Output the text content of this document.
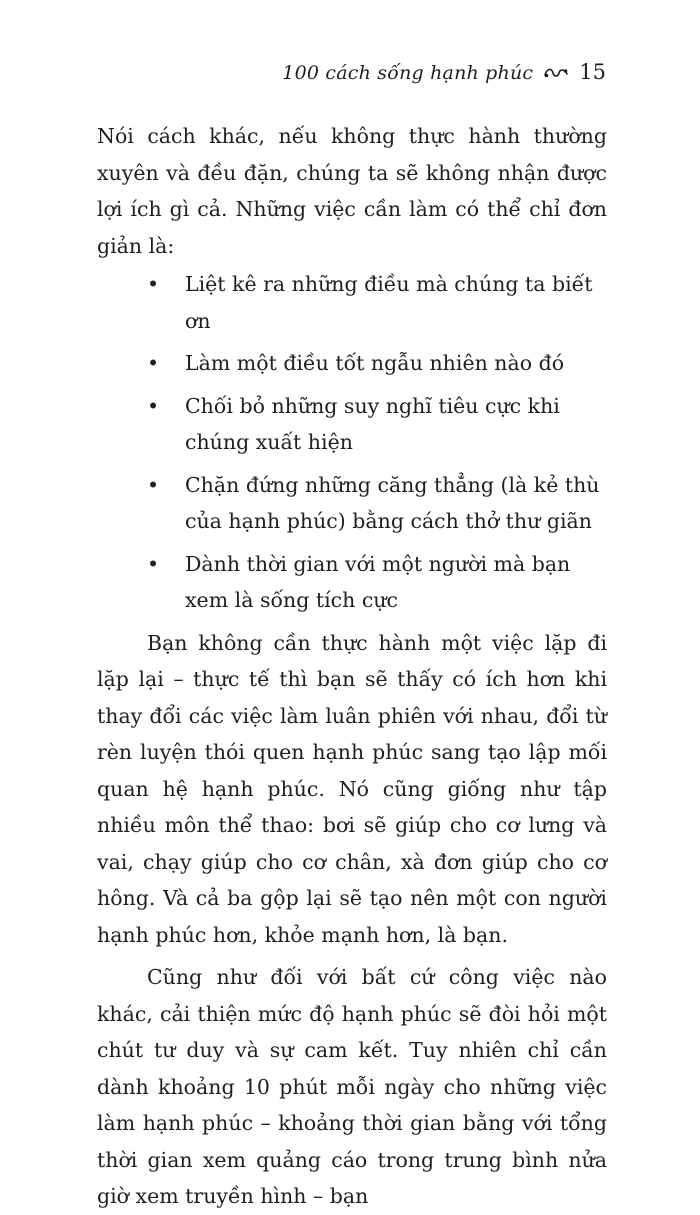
100 cách sống hạnh phúc 15

Nói cách khác, nếu không thực hành thường xuyên và đều đặn, chúng ta sẽ không nhận được lợi ích gì cả. Những việc cần làm có thể chỉ đơn giản là:

• Liệt kê ra những điều mà chúng ta biết ơn
• Làm một điều tốt ngẫu nhiên nào đó
• Chối bỏ những suy nghĩ tiêu cực khi chúng xuất hiện
• Chặn đứng những căng thẳng (là kẻ thù của hạnh phúc) bằng cách thở thư giãn
• Dành thời gian với một người mà bạn xem là sống tích cực

Bạn không cần thực hành một việc lặp đi lặp lại – thực tế thì bạn sẽ thấy có ích hơn khi thay đổi các việc làm luân phiên với nhau, đổi từ rèn luyện thói quen hạnh phúc sang tạo lập mối quan hệ hạnh phúc. Nó cũng giống như tập nhiều môn thể thao: bơi sẽ giúp cho cơ lưng và vai, chạy giúp cho cơ chân, xà đơn giúp cho cơ hông. Và cả ba gộp lại sẽ tạo nên một con người hạnh phúc hơn, khỏe mạnh hơn, là bạn.

Cũng như đối với bất cứ công việc nào khác, cải thiện mức độ hạnh phúc sẽ đòi hỏi một chút tư duy và sự cam kết. Tuy nhiên chỉ cần dành khoảng 10 phút mỗi ngày cho những việc làm hạnh phúc – khoảng thời gian bằng với tổng thời gian xem quảng cáo trong trung bình nửa giờ xem truyền hình – bạn
